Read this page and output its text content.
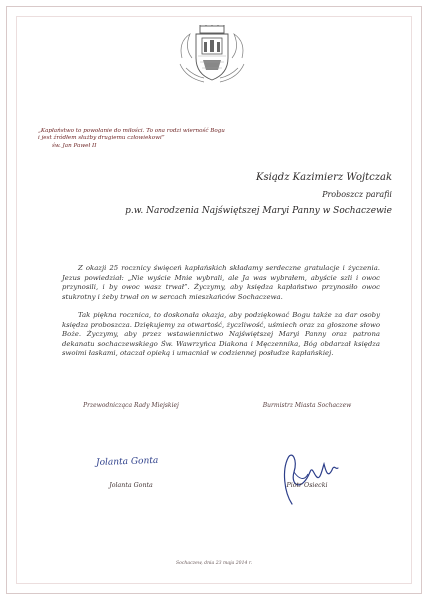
„Kapłaństwo to powołanie do miłości. To ona rodzi wierność Bogu
i jest źródłem służby drugiemu człowiekowi”
św. Jan Paweł II
Ksiądz Kazimierz Wojtczak
Proboszcz parafii
p.w. Narodzenia Najświętszej Maryi Panny w Sochaczewie

Z okazji 25 rocznicy święceń kapłańskich składamy serdeczne gratulacje i życzenia. Jezus powiedział: „Nie wyście Mnie wybrali, ale Ja was wybrałem, abyście szli i owoc przynosili, i by owoc wasz trwał”. Życzymy, aby księdza kapłaństwo przynosiło owoc stukrotny i żeby trwał on w sercach mieszkańców Sochaczewa.

Tak piękna rocznica, to doskonała okazja, aby podziękować Bogu także za dar osoby księdza proboszcza. Dziękujemy za otwartość, życzliwość, uśmiech oraz za głoszone słowo Boże. Życzymy, aby przez wstawiennictwo Najświętszej Maryi Panny oraz patrona dekanatu sochaczewskiego Św. Wawrzyńca Diakona i Męczennika, Bóg obdarzał księdza swoimi łaskami, otaczał opieką i umacniał w codziennej posłudze kapłańskiej.

Przewodnicząca Rady Miejskiej
Jolanta Gonta
Jolanta Gonta
Burmistrz Miasta Sochaczew
Piotr Osiecki
Sochaczew, dnia 23 maja 2014 r.
